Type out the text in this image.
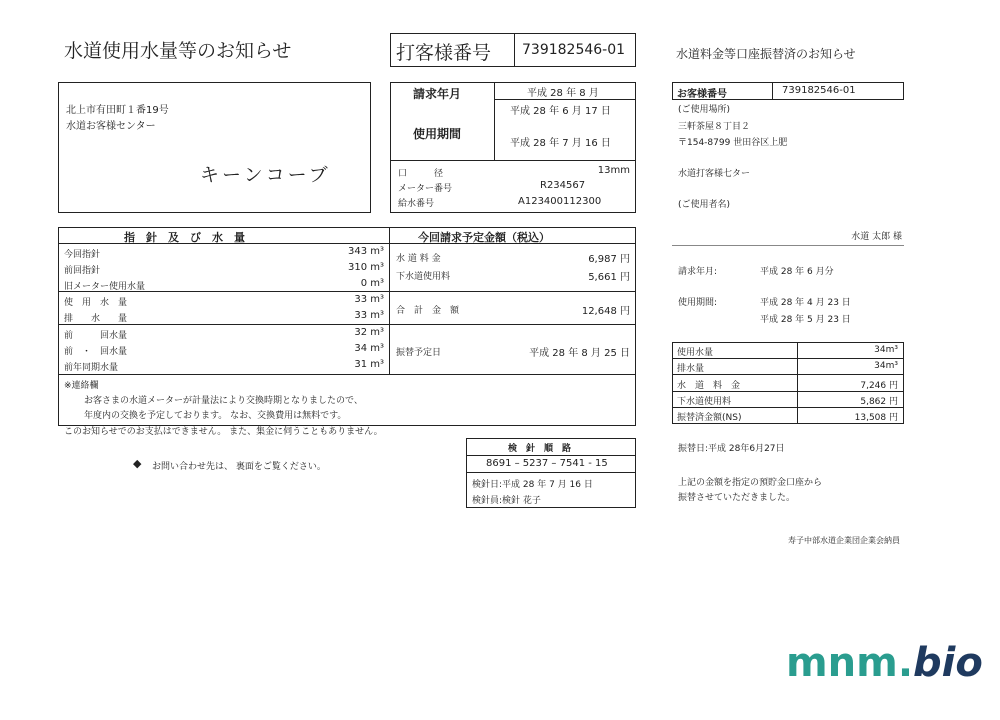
水道使用水量等のお知らせ	打客様番号 739182546-01
北上市有田町１番19号
水道お客様センター
キーンコーブ
請求年月	平成 28 年 8 月
使用期間
平成 28 年 6 月 17 日
平成 28 年 7 月 16 日
口　　　径	13mm
メーター番号	R234567
給水番号	A123400112300
指　針　及　び　水　量	今回請求予定金額（税込）
今回指針	343 m³
前回指針	310 m³
旧メーター使用水量	0 m³
使　用　水　量	33 m³
排　　水　　量	33 m³
前　　　回水量	32 m³
前　・　回水量	34 m³
前年同期水量	31 m³
水 道 料 金	6,987 円
下水道使用料	5,661 円
合　計　金　額	12,648 円
振替予定日	平成 28 年 8 月 25 日
※連絡欄
お客さまの水道メーターが計量法により交換時期となりましたので、
年度内の交換を予定しております。 なお、交換費用は無料です。
このお知らせでのお支払はできません。 また、集金に伺うこともありません。
◆ お問い合わせ先は、 裏面をご覧ください。
検　針　順　路
8691 – 5237 – 7541 - 15
検針日:平成 28 年 7 月 16 日
検針員:検針 花子
水道料金等口座振替済のお知らせ
お客様番号	739182546-01
(ご使用場所)
三軒茶屋８丁目２
〒154-8799 世田谷区上肥
水道打客様七ター
(ご使用者名)
水道 太郎 様
請求年月:	平成 28 年 6 月分
使用期間:	平成 28 年 4 月 23 日
平成 28 年 5 月 23 日
使用水量	34m³
排水量	34m³
水　道　料　金	7,246 円
下水道使用料	5,862 円
振替済金額(NS)	13,508 円
振替日:平成 28年6月27日
上記の金額を指定の預貯金口座から
振替させていただきました。
寿子中部水道企業団企業会納員
mnm.bio
